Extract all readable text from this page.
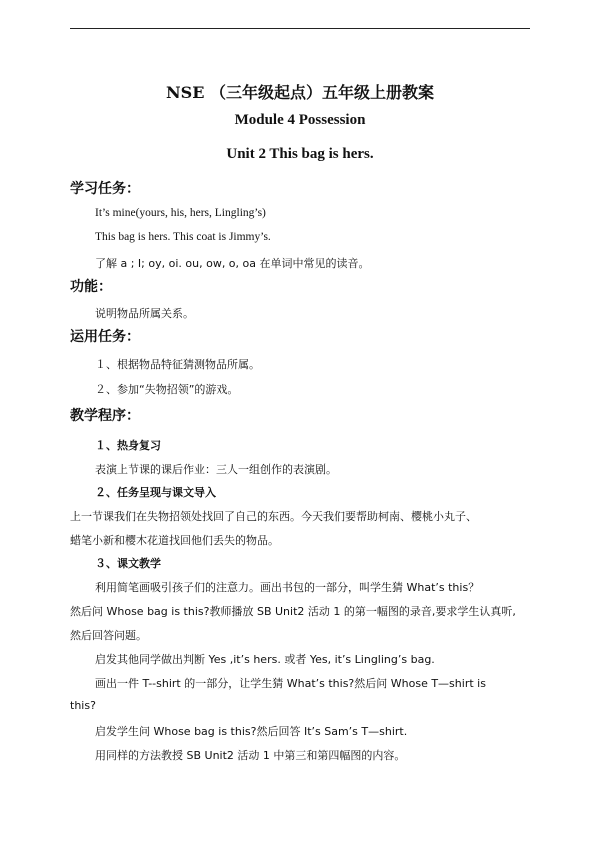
NSE （三年级起点）五年级上册教案
Module 4 Possession
Unit 2 This bag is hers.
学习任务：
It’s mine(yours, his, hers, Lingling’s)
This bag is hers. This coat is Jimmy’s.
了解 a ; I; oy, oi. ou, ow, o, oa 在单词中常见的读音。
功能：
说明物品所属关系。
运用任务：
１、根据物品特征猜测物品所属。
２、参加“失物招领”的游戏。
教学程序：
１、热身复习
表演上节课的课后作业：三人一组创作的表演剧。
２、任务呈现与课文导入
上一节课我们在失物招领处找回了自己的东西。今天我们要帮助柯南、樱桃小丸子、
蜡笔小新和樱木花道找回他们丢失的物品。
３、课文教学
利用简笔画吸引孩子们的注意力。画出书包的一部分，叫学生猜 What’s this？
然后问 Whose bag is this?教师播放 SB Unit2 活动 1 的第一幅图的录音,要求学生认真听,
然后回答问题。
启发其他同学做出判断 Yes ,it’s hers. 或者 Yes, it’s Lingling’s bag.
画出一件 T--shirt 的一部分，让学生猜 What’s this?然后问 Whose T—shirt is
this?
启发学生问 Whose bag is this?然后回答 It’s Sam’s T—shirt.
用同样的方法教授 SB Unit2 活动 1 中第三和第四幅图的内容。
